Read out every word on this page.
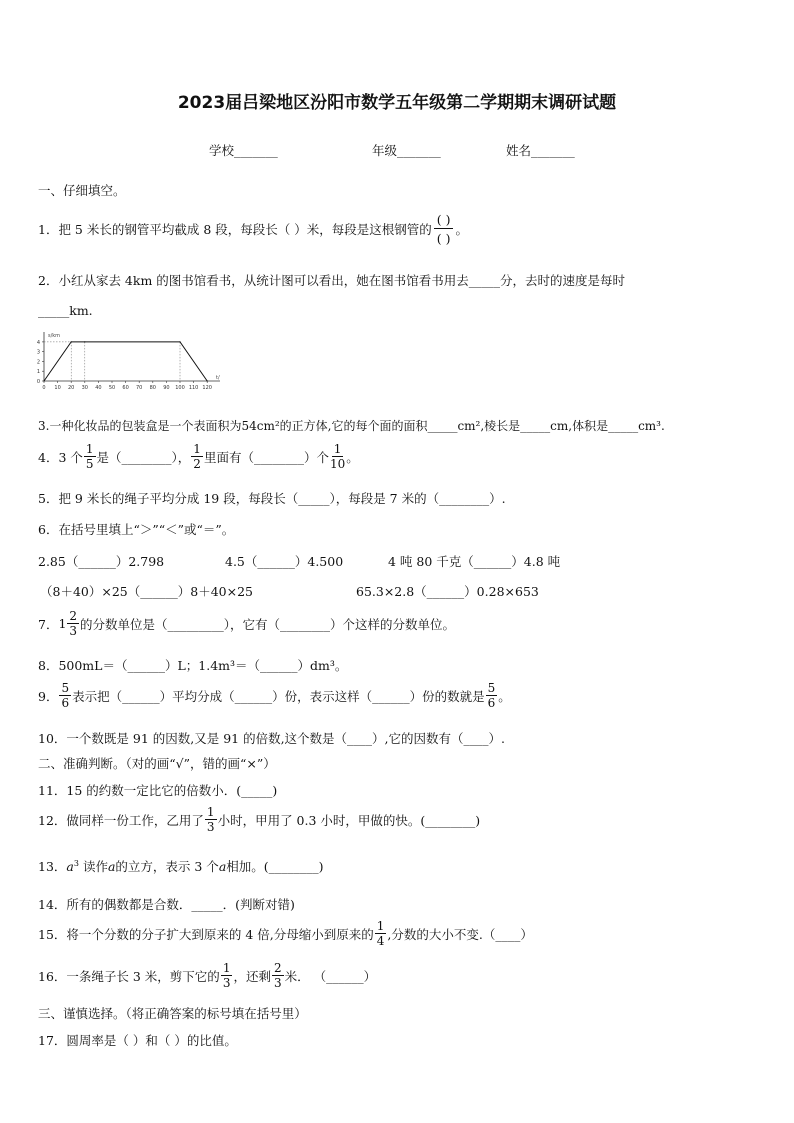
2023届吕梁地区汾阳市数学五年级第二学期期末调研试题
学校_______	年级_______	姓名_______
一、仔细填空。
1．把 5 米长的钢管平均截成 8 段，每段长（ ）米，每段是这根钢管的 $\frac{( )}{( )}$ 。
2．小红从家去 4km 的图书馆看书，从统计图可以看出，她在图书馆看书用去_____分，去时的速度是每时
_____km.
s/km
t/
0
1
2
3
4
0 10 20 30 40 50 60 70 80 90 100 110 120
3.一种化妆品的包装盒是一个表面积为54cm²的正方体,它的每个面的面积_____cm²,棱长是_____cm,体积是_____cm³.
4．3 个 $\frac{1}{5}$ 是（________）， $\frac{1}{2}$ 里面有（________）个 $\frac{1}{10}$ 。
5．把 9 米长的绳子平均分成 19 段，每段长（_____），每段是 7 米的（________）.
6．在括号里填上“＞”“＜”或“＝”。
2.85（______）2.798	4.5（______）4.500	4 吨 80 千克（______）4.8 吨
（8＋40）×25（______）8＋40×25	65.3×2.8（______）0.28×653
7． $1 \frac{2}{3}$ 的分数单位是（_________），它有（________）个这样的分数单位。
8．500mL＝（______）L；1.4m³＝（______）dm³。
9． $\frac{5}{6}$ 表示把（______）平均分成（______）份，表示这样（______）份的数就是 $\frac{5}{6}$ 。
10．一个数既是 91 的因数,又是 91 的倍数,这个数是（____）,它的因数有（____）.
二、准确判断。（对的画“√”，错的画“×”）
11．15 的约数一定比它的倍数小．(_____)
12．做同样一份工作，乙用了 $\frac{1}{3}$ 小时，甲用了 0.3 小时，甲做的快。(________)
13．$a^3$ 读作a的立方，表示 3 个a相加。(________)
14．所有的偶数都是合数．_____．(判断对错)
15．将一个分数的分子扩大到原来的 4 倍,分母缩小到原来的 $\frac{1}{4}$ ,分数的大小不变.（____）
16．一条绳子长 3 米，剪下它的 $\frac{1}{3}$ ，还剩 $\frac{2}{3}$ 米． （______）
三、谨慎选择。（将正确答案的标号填在括号里）
17．圆周率是（ ）和（ ）的比值。
